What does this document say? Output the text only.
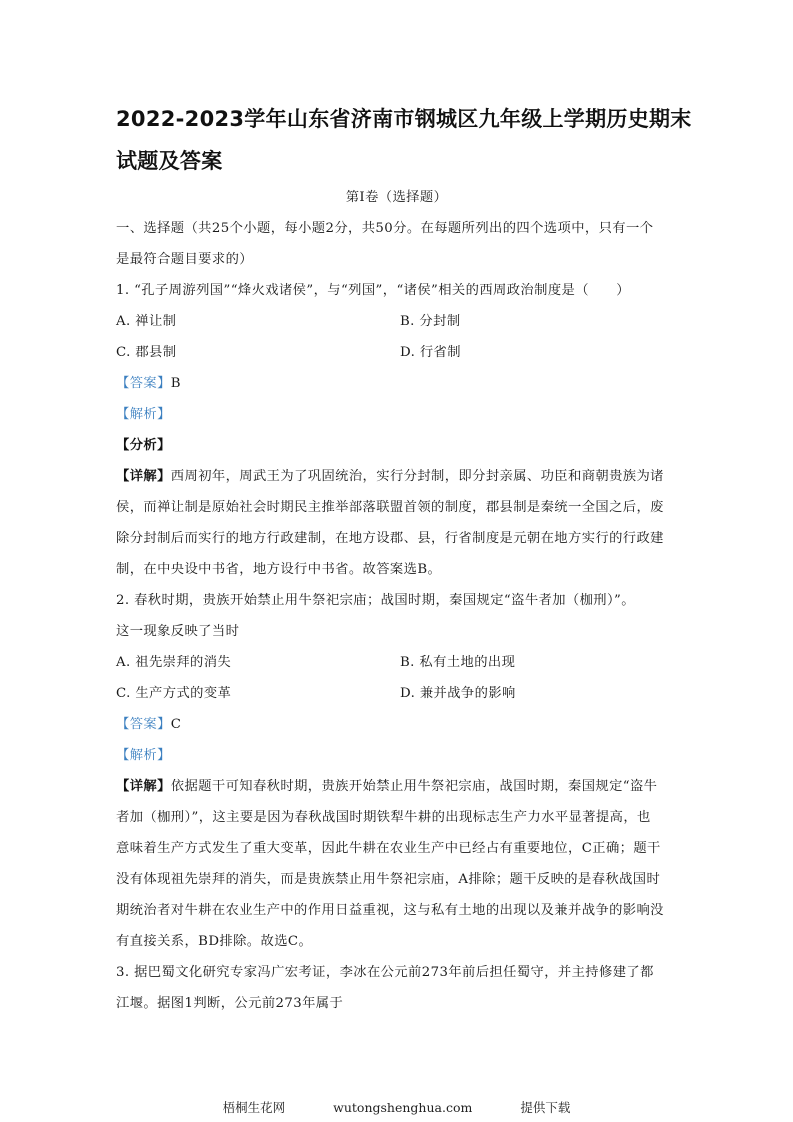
2022-2023学年山东省济南市钢城区九年级上学期历史期末
试题及答案
第Ⅰ卷（选择题）
一、选择题（共25个小题，每小题2分，共50分。在每题所列出的四个选项中，只有一个
是最符合题目要求的）
1. “孔子周游列国”“烽火戏诸侯”，与“列国”，“诸侯”相关的西周政治制度是（　　）
A. 禅让制	B. 分封制
C. 郡县制	D. 行省制
【答案】B
【解析】
【分析】
【详解】西周初年，周武王为了巩固统治，实行分封制，即分封亲属、功臣和商朝贵族为诸
侯，而禅让制是原始社会时期民主推举部落联盟首领的制度，郡县制是秦统一全国之后，废
除分封制后而实行的地方行政建制，在地方设郡、县，行省制度是元朝在地方实行的行政建
制，在中央设中书省，地方设行中书省。故答案选B。
2. 春秋时期，贵族开始禁止用牛祭祀宗庙；战国时期，秦国规定“盗牛者加（枷刑）”。
这一现象反映了当时
A. 祖先崇拜的消失	B. 私有土地的出现
C. 生产方式的变革	D. 兼并战争的影响
【答案】C
【解析】
【详解】依据题干可知春秋时期，贵族开始禁止用牛祭祀宗庙，战国时期，秦国规定“盗牛
者加（枷刑）”，这主要是因为春秋战国时期铁犁牛耕的出现标志生产力水平显著提高，也
意味着生产方式发生了重大变革，因此牛耕在农业生产中已经占有重要地位，C正确；题干
没有体现祖先崇拜的消失，而是贵族禁止用牛祭祀宗庙，A排除；题干反映的是春秋战国时
期统治者对牛耕在农业生产中的作用日益重视，这与私有土地的出现以及兼并战争的影响没
有直接关系，BD排除。故选C。
3. 据巴蜀文化研究专家冯广宏考证，李冰在公元前273年前后担任蜀守，并主持修建了都
江堰。据图1判断，公元前273年属于
梧桐生花网	wutongshenghua.com	提供下载
